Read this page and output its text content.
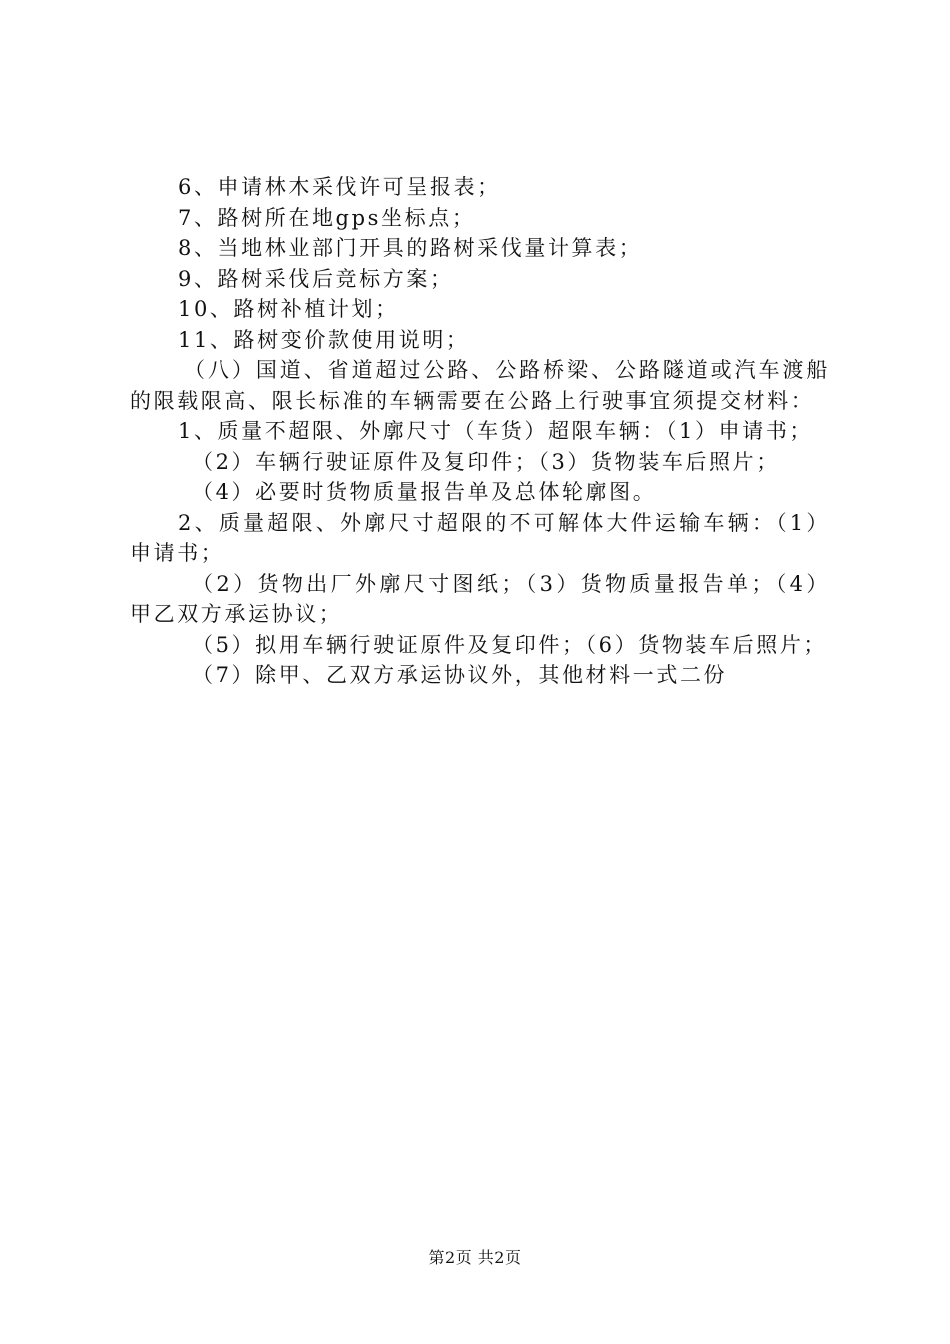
6、申请林木采伐许可呈报表；

7、路树所在地gps坐标点；

8、当地林业部门开具的路树采伐量计算表；

9、路树采伐后竞标方案；

10、路树补植计划；

11、路树变价款使用说明；

（八）国道、省道超过公路、公路桥梁、公路隧道或汽车渡船的限载限高、限长标准的车辆需要在公路上行驶事宜须提交材料：

1、质量不超限、外廓尺寸（车货）超限车辆：（1）申请书；

（2）车辆行驶证原件及复印件；（3）货物装车后照片；

（4）必要时货物质量报告单及总体轮廓图。

2、质量超限、外廓尺寸超限的不可解体大件运输车辆：（1）申请书；

（2）货物出厂外廓尺寸图纸；（3）货物质量报告单；（4）甲乙双方承运协议；

（5）拟用车辆行驶证原件及复印件；（6）货物装车后照片；

（7）除甲、乙双方承运协议外，其他材料一式二份

第2页 共2页
